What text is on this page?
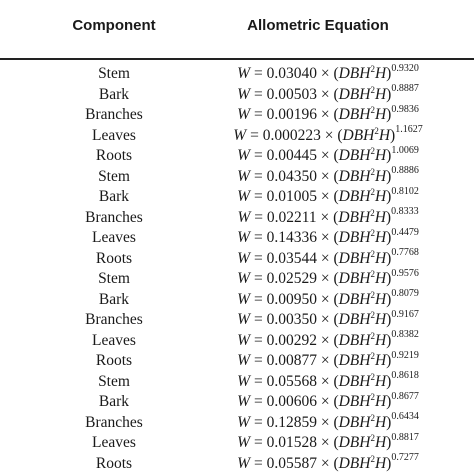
Component	Allometric Equation
Stem	$W = 0.03040 \times (DBH^2H)^{0.9320}$
Bark	$W = 0.00503 \times (DBH^2H)^{0.8887}$
Branches	$W = 0.00196 \times (DBH^2H)^{0.9836}$
Leaves	$W = 0.000223 \times (DBH^2H)^{1.1627}$
Roots	$W = 0.00445 \times (DBH^2H)^{1.0069}$
Stem	$W = 0.04350 \times (DBH^2H)^{0.8886}$
Bark	$W = 0.01005 \times (DBH^2H)^{0.8102}$
Branches	$W = 0.02211 \times (DBH^2H)^{0.8333}$
Leaves	$W = 0.14336 \times (DBH^2H)^{0.4479}$
Roots	$W = 0.03544 \times (DBH^2H)^{0.7768}$
Stem	$W = 0.02529 \times (DBH^2H)^{0.9576}$
Bark	$W = 0.00950 \times (DBH^2H)^{0.8079}$
Branches	$W = 0.00350 \times (DBH^2H)^{0.9167}$
Leaves	$W = 0.00292 \times (DBH^2H)^{0.8382}$
Roots	$W = 0.00877 \times (DBH^2H)^{0.9219}$
Stem	$W = 0.05568 \times (DBH^2H)^{0.8618}$
Bark	$W = 0.00606 \times (DBH^2H)^{0.8677}$
Branches	$W = 0.12859 \times (DBH^2H)^{0.6434}$
Leaves	$W = 0.01528 \times (DBH^2H)^{0.8817}$
Roots	$W = 0.05587 \times (DBH^2H)^{0.7277}$
